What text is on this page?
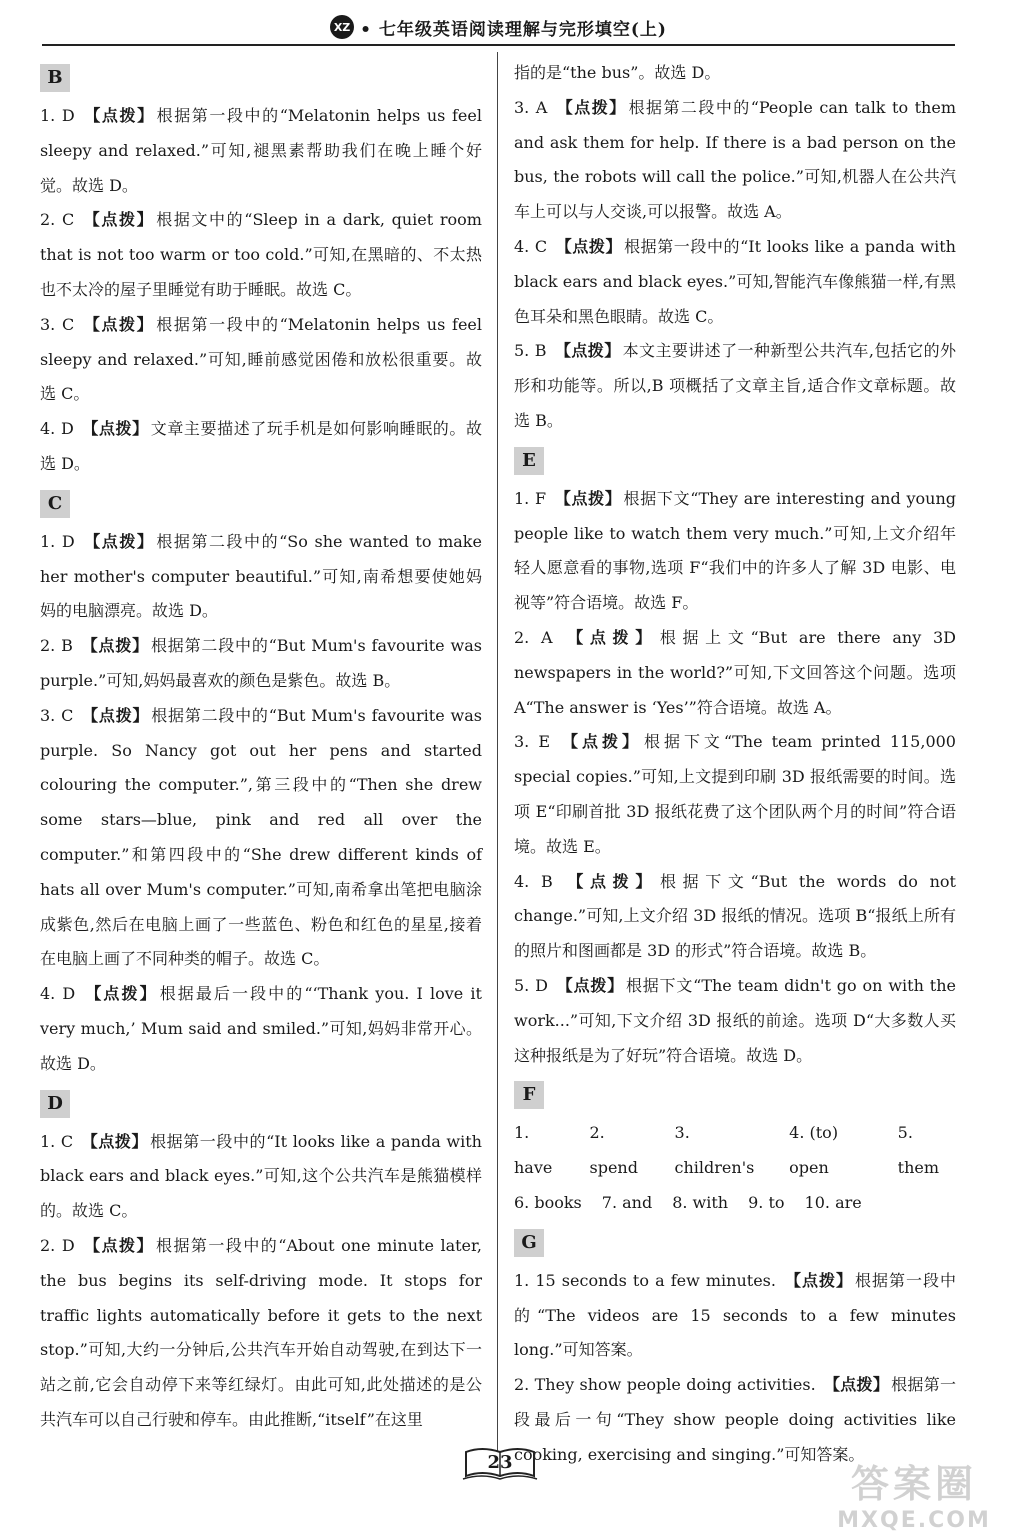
XZ • 七年级英语阅读理解与完形填空(上)
B

1. D 【点拨】 根据第一段中的“Melatonin helps us feel sleepy and relaxed.”可知,褪黑素帮助我们在晚上睡个好觉。故选 D。

2. C 【点拨】 根据文中的“Sleep in a dark, quiet room that is not too warm or too cold.”可知,在黑暗的、不太热也不太冷的屋子里睡觉有助于睡眠。故选 C。

3. C 【点拨】 根据第一段中的“Melatonin helps us feel sleepy and relaxed.”可知,睡前感觉困倦和放松很重要。故选 C。

4. D 【点拨】 文章主要描述了玩手机是如何影响睡眠的。故选 D。

C

1. D 【点拨】 根据第二段中的“So she wanted to make her mother's computer beautiful.”可知,南希想要使她妈妈的电脑漂亮。故选 D。

2. B 【点拨】 根据第二段中的“But Mum's favourite was purple.”可知,妈妈最喜欢的颜色是紫色。故选 B。

3. C 【点拨】 根据第二段中的“But Mum's favourite was purple. So Nancy got out her pens and started colouring the computer.”,第三段中的“Then she drew some stars—blue, pink and red all over the computer.”和第四段中的“She drew different kinds of hats all over Mum's computer.”可知,南希拿出笔把电脑涂成紫色,然后在电脑上画了一些蓝色、粉色和红色的星星,接着在电脑上画了不同种类的帽子。故选 C。

4. D 【点拨】 根据最后一段中的“‘Thank you. I love it very much,’ Mum said and smiled.”可知,妈妈非常开心。故选 D。

D

1. C 【点拨】 根据第一段中的“It looks like a panda with black ears and black eyes.”可知,这个公共汽车是熊猫模样的。故选 C。

2. D 【点拨】 根据第一段中的“About one minute later, the bus begins its self-driving mode. It stops for traffic lights automatically before it gets to the next stop.”可知,大约一分钟后,公共汽车开始自动驾驶,在到达下一站之前,它会自动停下来等红绿灯。由此可知,此处描述的是公共汽车可以自己行驶和停车。由此推断,“itself”在这里

指的是“the bus”。故选 D。

3. A 【点拨】 根据第二段中的“People can talk to them and ask them for help. If there is a bad person on the bus, the robots will call the police.”可知,机器人在公共汽车上可以与人交谈,可以报警。故选 A。

4. C 【点拨】 根据第一段中的“It looks like a panda with black ears and black eyes.”可知,智能汽车像熊猫一样,有黑色耳朵和黑色眼睛。故选 C。

5. B 【点拨】 本文主要讲述了一种新型公共汽车,包括它的外形和功能等。所以,B 项概括了文章主旨,适合作文章标题。故选 B。

E

1. F 【点拨】 根据下文“They are interesting and young people like to watch them very much.”可知,上文介绍年轻人愿意看的事物,选项 F“我们中的许多人了解 3D 电影、电视等”符合语境。故选 F。

2. A 【点拨】 根据上文“But are there any 3D newspapers in the world?”可知,下文回答这个问题。选项 A“The answer is ‘Yes’”符合语境。故选 A。

3. E 【点拨】 根据下文“The team printed 115,000 special copies.”可知,上文提到印刷 3D 报纸需要的时间。选项 E“印刷首批 3D 报纸花费了这个团队两个月的时间”符合语境。故选 E。

4. B 【点拨】 根据下文“But the words do not change.”可知,上文介绍 3D 报纸的情况。选项 B“报纸上所有的照片和图画都是 3D 的形式”符合语境。故选 B。

5. D 【点拨】 根据下文“The team didn't go on with the work...”可知,下文介绍 3D 报纸的前途。选项 D“大多数人买这种报纸是为了好玩”符合语境。故选 D。

F
1. have
2. spend
3. children's
4. (to) open
5. them
6. books 7. and 8. with 9. to 10. are
G

1. 15 seconds to a few minutes. 【点拨】 根据第一段中的“The videos are 15 seconds to a few minutes long.”可知答案。

2. They show people doing activities. 【点拨】 根据第一段最后一句“They show people doing activities like cooking, exercising and singing.”可知答案。

23	答案圈
MXQE.COM
